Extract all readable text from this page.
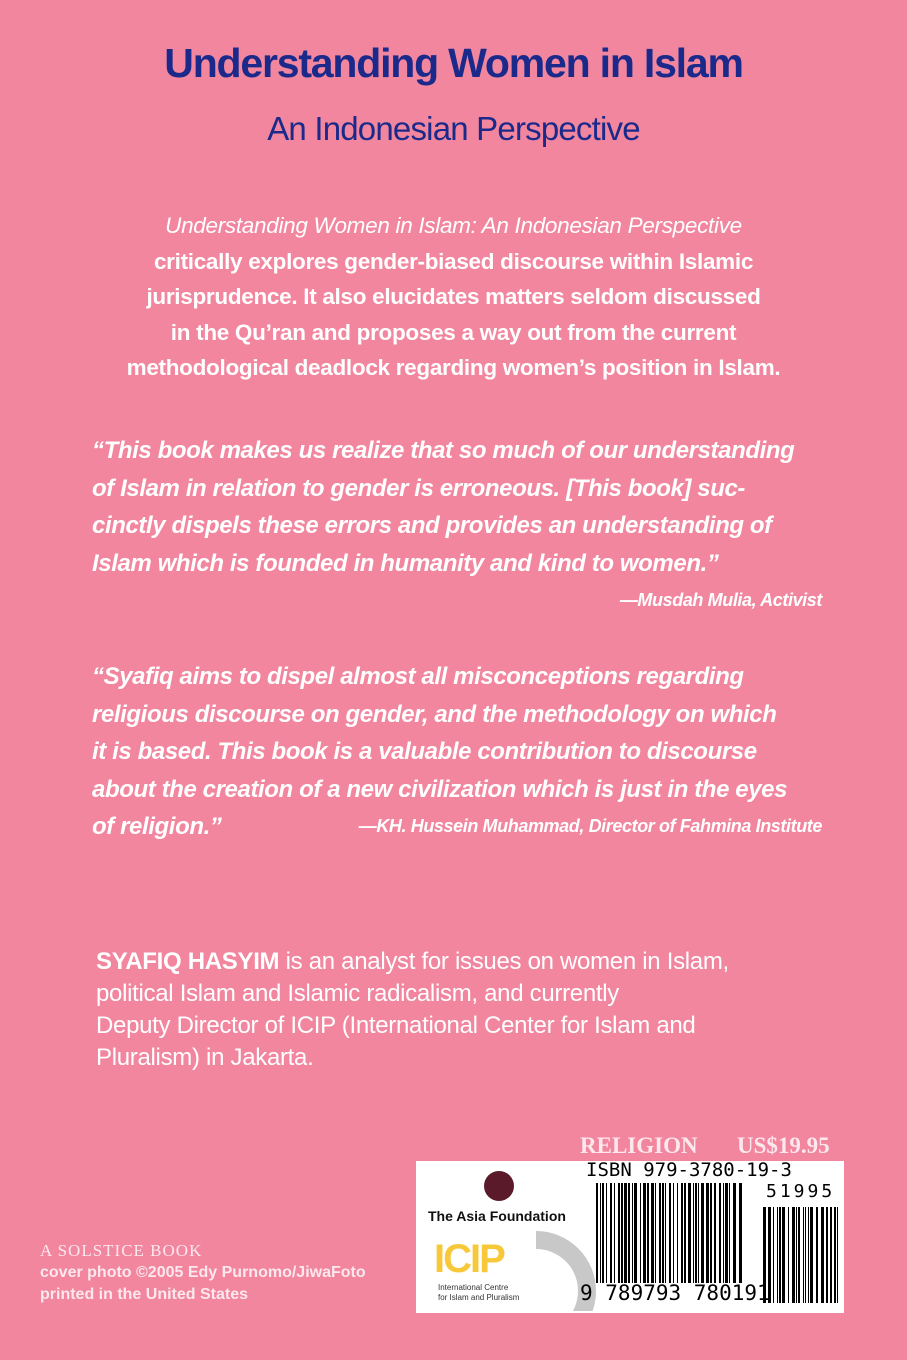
Understanding Women in Islam
An Indonesian Perspective
Understanding Women in Islam: An Indonesian Perspective
critically explores gender-biased discourse within Islamic
jurisprudence. It also elucidates matters seldom discussed
in the Qu’ran and proposes a way out from the current
methodological deadlock regarding women’s position in Islam.
“This book makes us realize that so much of our understanding
of Islam in relation to gender is erroneous. [This book] suc-
cinctly dispels these errors and provides an understanding of
Islam which is founded in humanity and kind to women.”
—Musdah Mulia, Activist
“Syafiq aims to dispel almost all misconceptions regarding
religious discourse on gender, and the methodology on which
it is based. This book is a valuable contribution to discourse
about the creation of a new civilization which is just in the eyes
of religion.”	—KH. Hussein Muhammad, Director of Fahmina Institute
SYAFIQ HASYIM is an analyst for issues on women in Islam,
political Islam and Islamic radicalism, and currently
Deputy Director of ICIP (International Center for Islam and
Pluralism) in Jakarta.
RELIGION US$19.95
The Asia Foundation
ICIP
International Centre
for Islam and Pluralism
ISBN 979-3780-19-3
51995
9 789793 780191
A SOLSTICE BOOK
cover photo ©2005 Edy Purnomo/JiwaFoto
printed in the United States
